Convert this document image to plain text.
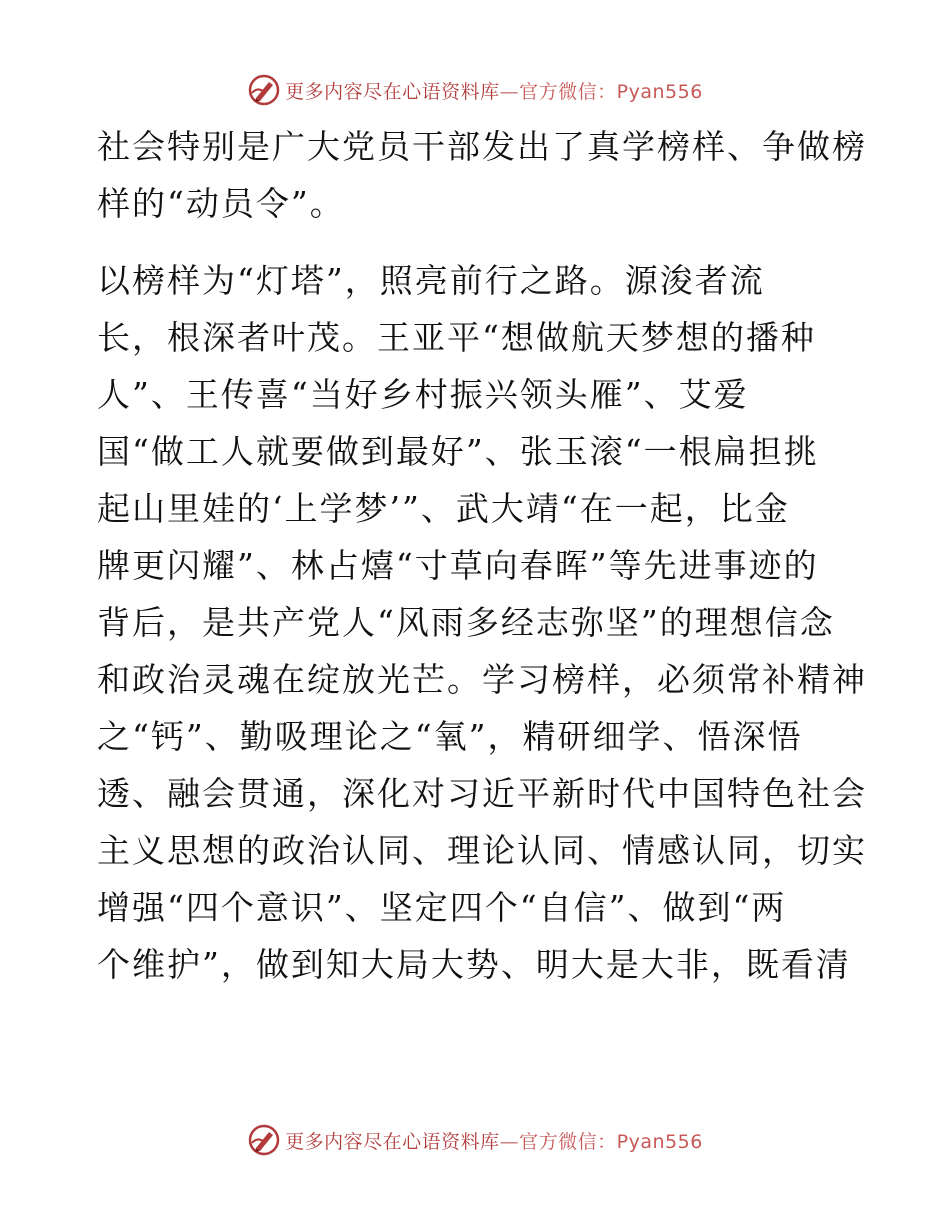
更多内容尽在心语资料库—官方微信：Pyan556
社会特别是广大党员干部发出了真学榜样、争做榜
样的“动员令”。
以榜样为“灯塔”，照亮前行之路。源浚者流
长，根深者叶茂。王亚平“想做航天梦想的播种
人”、王传喜“当好乡村振兴领头雁”、艾爱
国“做工人就要做到最好”、张玉滚“一根扁担挑
起山里娃的‘上学梦’”、武大靖“在一起，比金
牌更闪耀”、林占熺“寸草向春晖”等先进事迹的
背后，是共产党人“风雨多经志弥坚”的理想信念
和政治灵魂在绽放光芒。学习榜样，必须常补精神
之“钙”、勤吸理论之“氧”，精研细学、悟深悟
透、融会贯通，深化对习近平新时代中国特色社会
主义思想的政治认同、理论认同、情感认同，切实
增强“四个意识”、坚定四个“自信”、做到“两
个维护”，做到知大局大势、明大是大非，既看清
更多内容尽在心语资料库—官方微信：Pyan556
